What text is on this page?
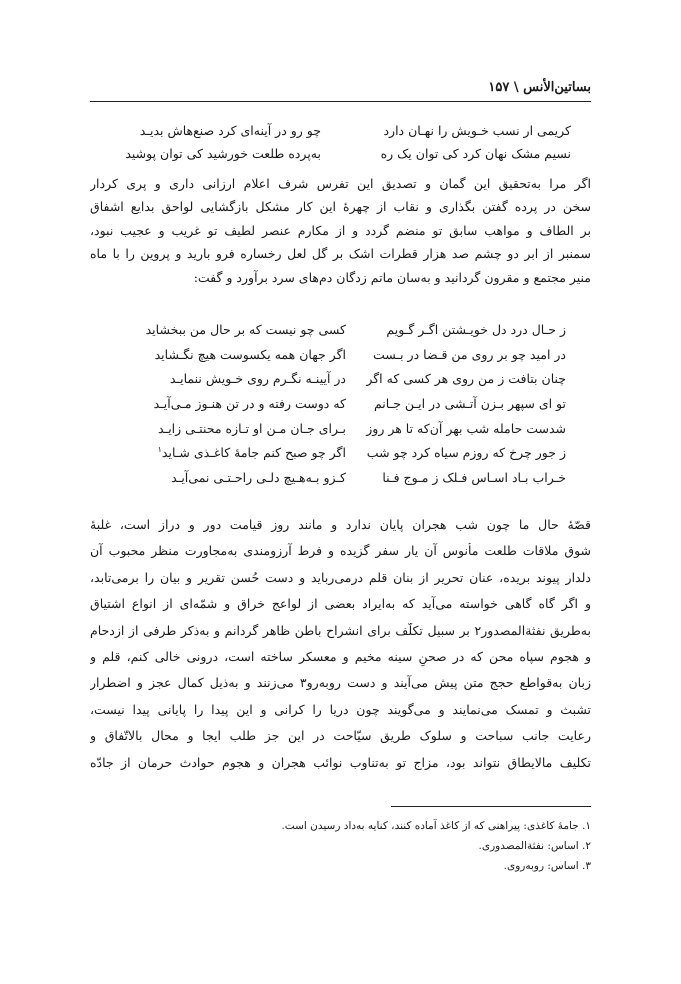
بساتین‌الأنس \ ۱۵۷
کریمی ار نسب خـویش را نهـان دارد
چو رو در آینه‌ای کرد صنع‌هاش بدیـد
نسیم مشک نهان کرد کی توان یک ره
به‌پرده طلعت خورشید کی توان پوشید
اگر مرا به‌تحقیق این گمان و تصدیق این تفرس شرف اعلام ارزانی داری و پری کردار
سخن در پرده گفتن بگذاری و نقاب از چهرهٔ این کار مشکل بازگشایی لواحق بدایع اشفاق
بر الطاف و مواهب سابق تو منضم گردد و از مکارم عنصر لطیف تو غریب و عجیب نبود،
سمنبر از ابر دو چشم صد هزار قطرات اشک بر گل لعل رخساره فرو بارید و پروین را با ماه
منیر مجتمع و مقرون گردانید و به‌سان ماتم زدگان دم‌های سرد برآورد و گفت:
ز حـال درد دل خویـشتن اگـر گـویم
کسی چو نیست که بر حال من ببخشاید
در امید چو بر روی من قـضا در بـست
اگر جهان همه یکسوست هیچ نگـشاید
چنان بتافت ز من روی هر کسی که اگر
در آیینـه نگـرم روی خـویش ننمایـد
تو ای سپهر بـزن آتـشی در ایـن جـانم
که دوست رفته و در تن هنـوز مـی‌آیـد
شدست حامله شب بهر آن‌که تا هر روز
بـرای جـان مـن او تـازه محنتـی زایـد
ز جور چرخ که روزم سیاه کرد چو شب
اگر چو صبح کنم جامهٔ کاغـذی شـاید$^۱$
خـراب بـاد اسـاس فـلک ز مـوج فـنا
کـزو بـه‌هـیچ دلـی راحـتـی نمی‌آیـد
قصّهٔ حال ما چون شب هجران پایان ندارد و مانند روز قیامت دور و دراز است، غلبهٔ
شوق ملاقات طلعت مأنوس آن یار سفر گزیده و فرط آرزومندی به‌مجاورت منظر محبوب آن
دلدار پیوند بریده، عنان تحریر از بنان قلم درمی‌رباید و دست حُسن تقریر و بیان را برمی‌تابد،
و اگر گاه گاهی خواسته می‌آید که به‌ایراد بعضی از لواعج خراق و شمّه‌ای از انواع اشتیاق
به‌طریق نفثةالمصدور۲ بر سبیل تکلّف برای انشراح باطن ظاهر گردانم و به‌ذکر طرفی از ازدحام
و هجوم سپاه محن که در صحنِ سینه مخیم و معسکر ساخته است، درونی خالی کنم، قلم و
زبان به‌قواطع حجج متن پیش می‌آیند و دست روبه‌رو۳ می‌زنند و به‌ذیل کمال عجز و اضطرار
تشبث و تمسک می‌نمایند و می‌گویند چون دریا را کرانی و این پیدا را پایانی پیدا نیست،
رعایت جانب سباحت و سلوک طریق سیّاحت در این جز طلب ایجا و محال بالاتّفاق و
تکلیف مالایطاق نتواند بود، مزاج تو به‌تناوب نوائب هجران و هجوم حوادث حرمان از جادّه
۱. جامهٔ کاغذی: پیراهنی که از کاغذ آماده کنند، کنایه به‌داد رسیدن است.
۲. اساس: نفثةالمصدوری.
۳. اساس: روبه‌روی.
